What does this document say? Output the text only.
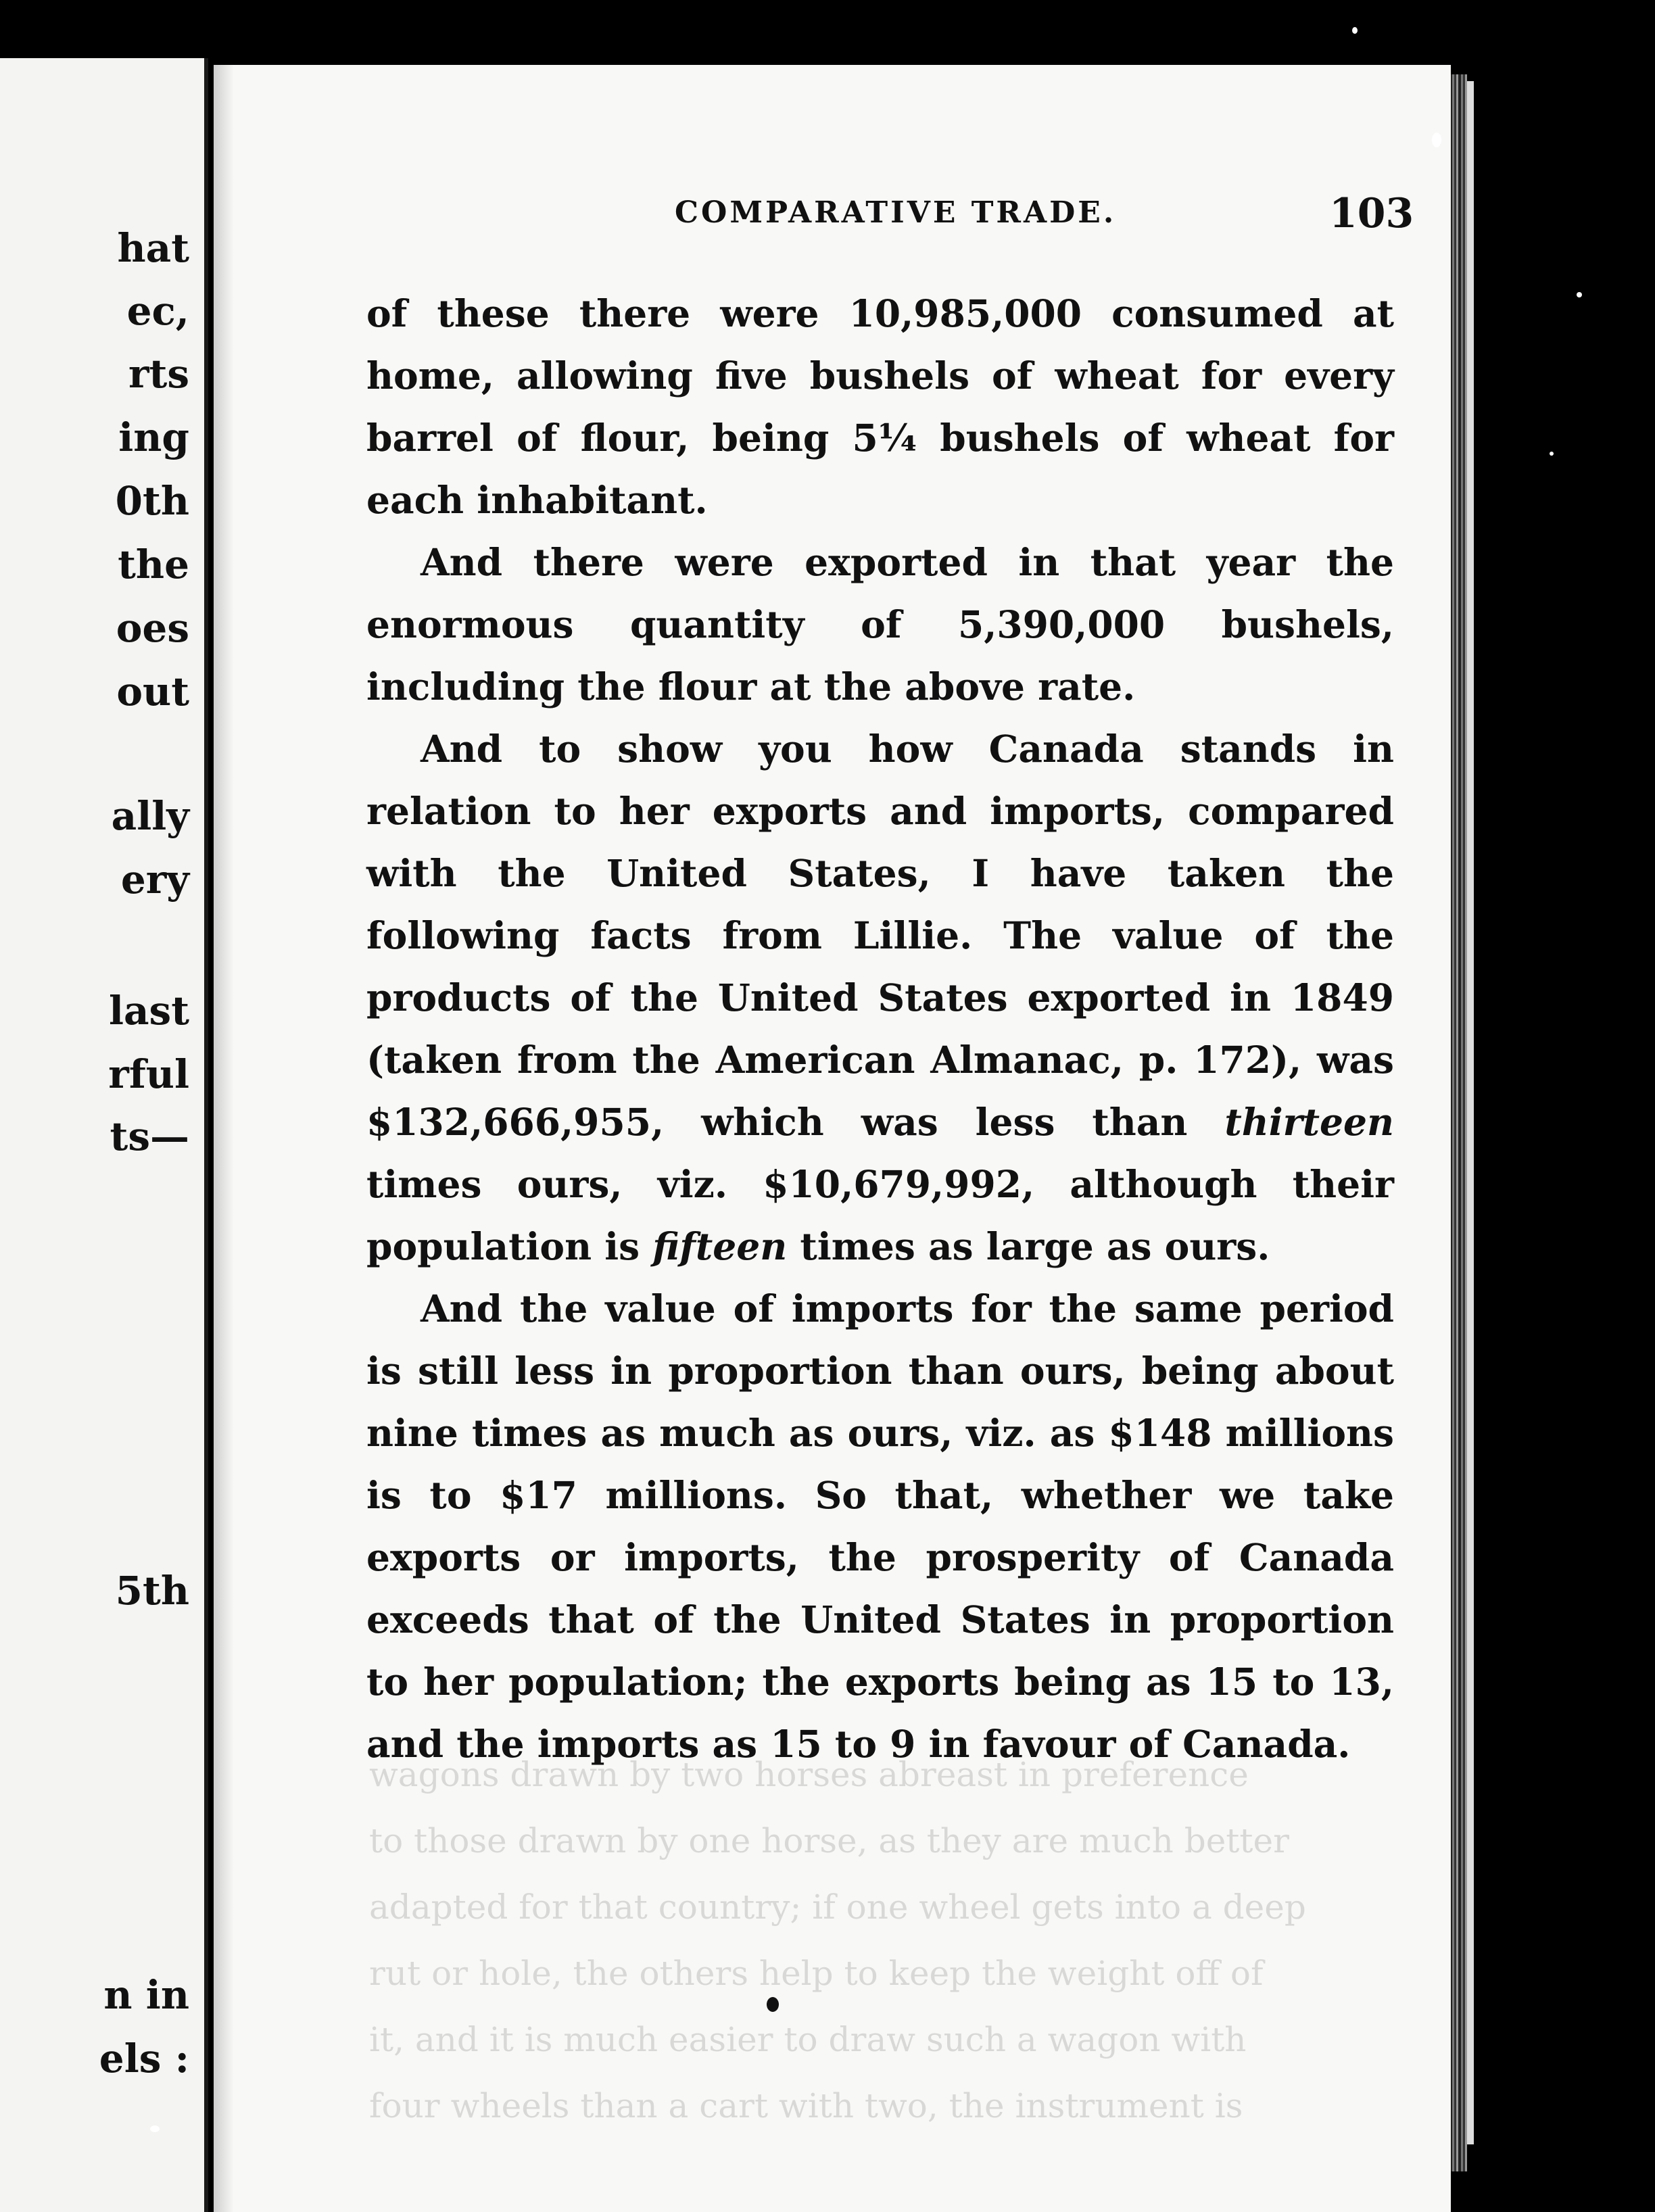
hat
ec,
rts
ing
0th
the
oes
out
ally
ery
last
rful
ts—
5th
n in
els :
COMPARATIVE TRADE.	103
wagons drawn by two horses abreast in preference
to those drawn by one horse, as they are much better
adapted for that country; if one wheel gets into a deep
rut or hole, the others help to keep the weight off of
it, and it is much easier to draw such a wagon with
four wheels than a cart with two, the instrument is

of these there were 10,985,000 consumed at home, allowing five bushels of wheat for every barrel of flour, being 5¼ bushels of wheat for each inhabitant.

And there were exported in that year the enormous quantity of 5,390,000 bushels, including the flour at the above rate.

And to show you how Canada stands in relation to her exports and imports, compared with the United States, I have taken the following facts from Lillie. The value of the products of the United States exported in 1849 (taken from the American Almanac, p. 172), was $132,666,955, which was less than thirteen times ours, viz. $10,679,992, although their population is fifteen times as large as ours.

And the value of imports for the same period is still less in proportion than ours, being about nine times as much as ours, viz. as $148 millions is to $17 millions. So that, whether we take exports or imports, the prosperity of Canada exceeds that of the United States in proportion to her population; the exports being as 15 to 13, and the imports as 15 to 9 in favour of Canada.
